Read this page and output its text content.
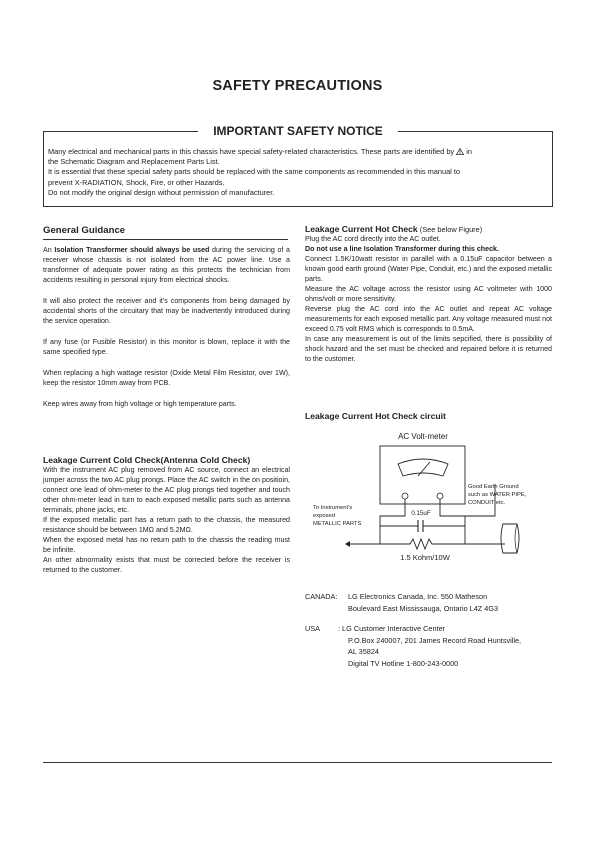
SAFETY PRECAUTIONS
IMPORTANT SAFETY NOTICE
Many electrical and mechanical parts in this chassis have special safety-related characteristics. These parts are identified by in
the Schematic Diagram and Replacement Parts List.
It is essential that these special safety parts should be replaced with the same components as recommended in this manual to
prevent X-RADIATION, Shock, Fire, or other Hazards.
Do not modify the original design without permission of manufacturer.
General Guidance

An Isolation Transformer should always be used during the servicing of a receiver whose chassis is not isolated from the AC power line. Use a transformer of adequate power rating as this protects the technician from accidents resulting in personal injury from electrical shocks.

It will also protect the receiver and it's components from being damaged by accidental shorts of the circuitary that may be inadvertently introduced during the service operation.

If any fuse (or Fusible Resistor) in this monitor is blown, replace it with the same specified type.

When replacing a high wattage resistor (Oxide Metal Film Resistor, over 1W), keep the resistor 10mm away from PCB.

Keep wires away from high voltage or high temperature parts.

Leakage Current Cold Check(Antenna Cold Check)

With the instrument AC plug removed from AC source, connect an electrical jumper across the two AC plug prongs. Place the AC switch in the on positioin, connect one lead of ohm-meter to the AC plug prongs tied together and touch other ohm-meter lead in turn to each exposed metallic parts such as antenna terminals, phone jacks, etc.

If the exposed metallic part has a return path to the chassis, the measured resistance should be between 1MΩ and 5.2MΩ.

When the exposed metal has no return path to the chassis the reading must be infinite.

An other abnormality exists that must be corrected before the receiver is returned to the customer.

Leakage Current Hot Check (See below Figure)

Plug the AC cord directly into the AC outlet.

Do not use a line Isolation Transformer during this check.

Connect 1.5K/10watt resistor in parallel with a 0.15uF capacitor between a known good earth ground (Water Pipe, Conduit, etc.) and the exposed metallic parts.

Measure the AC voltage across the resistor using AC voltmeter with 1000 ohms/volt or more sensitivity.

Reverse plug the AC cord into the AC outlet and repeat AC voltage measurements for each exposed metallic part. Any voltage measured must not exceed 0.75 volt RMS which is corresponds to 0.5mA.

In case any measurement is out of the limits sepcified, there is possibility of shock hazard and the set must be checked and repaired before it is returned to the customer.

Leakage Current Hot Check circuit
AC Volt-meter
0.15uF
1.5 Kohm/10W
Good Earth Ground
such as WATER PIPE,
CONDUIT etc.
To Instrument's
exposed
METALLIC PARTS
CANADA: LG Electronics Canada, Inc. 550 Matheson
Boulevard East Mississauga, Ontario L4Z 4G3
USA : LG Customer Interactive Center
P.O.Box 240007, 201 James Record Road Huntsville,
AL 35824
Digital TV Hotline 1-800-243-0000
